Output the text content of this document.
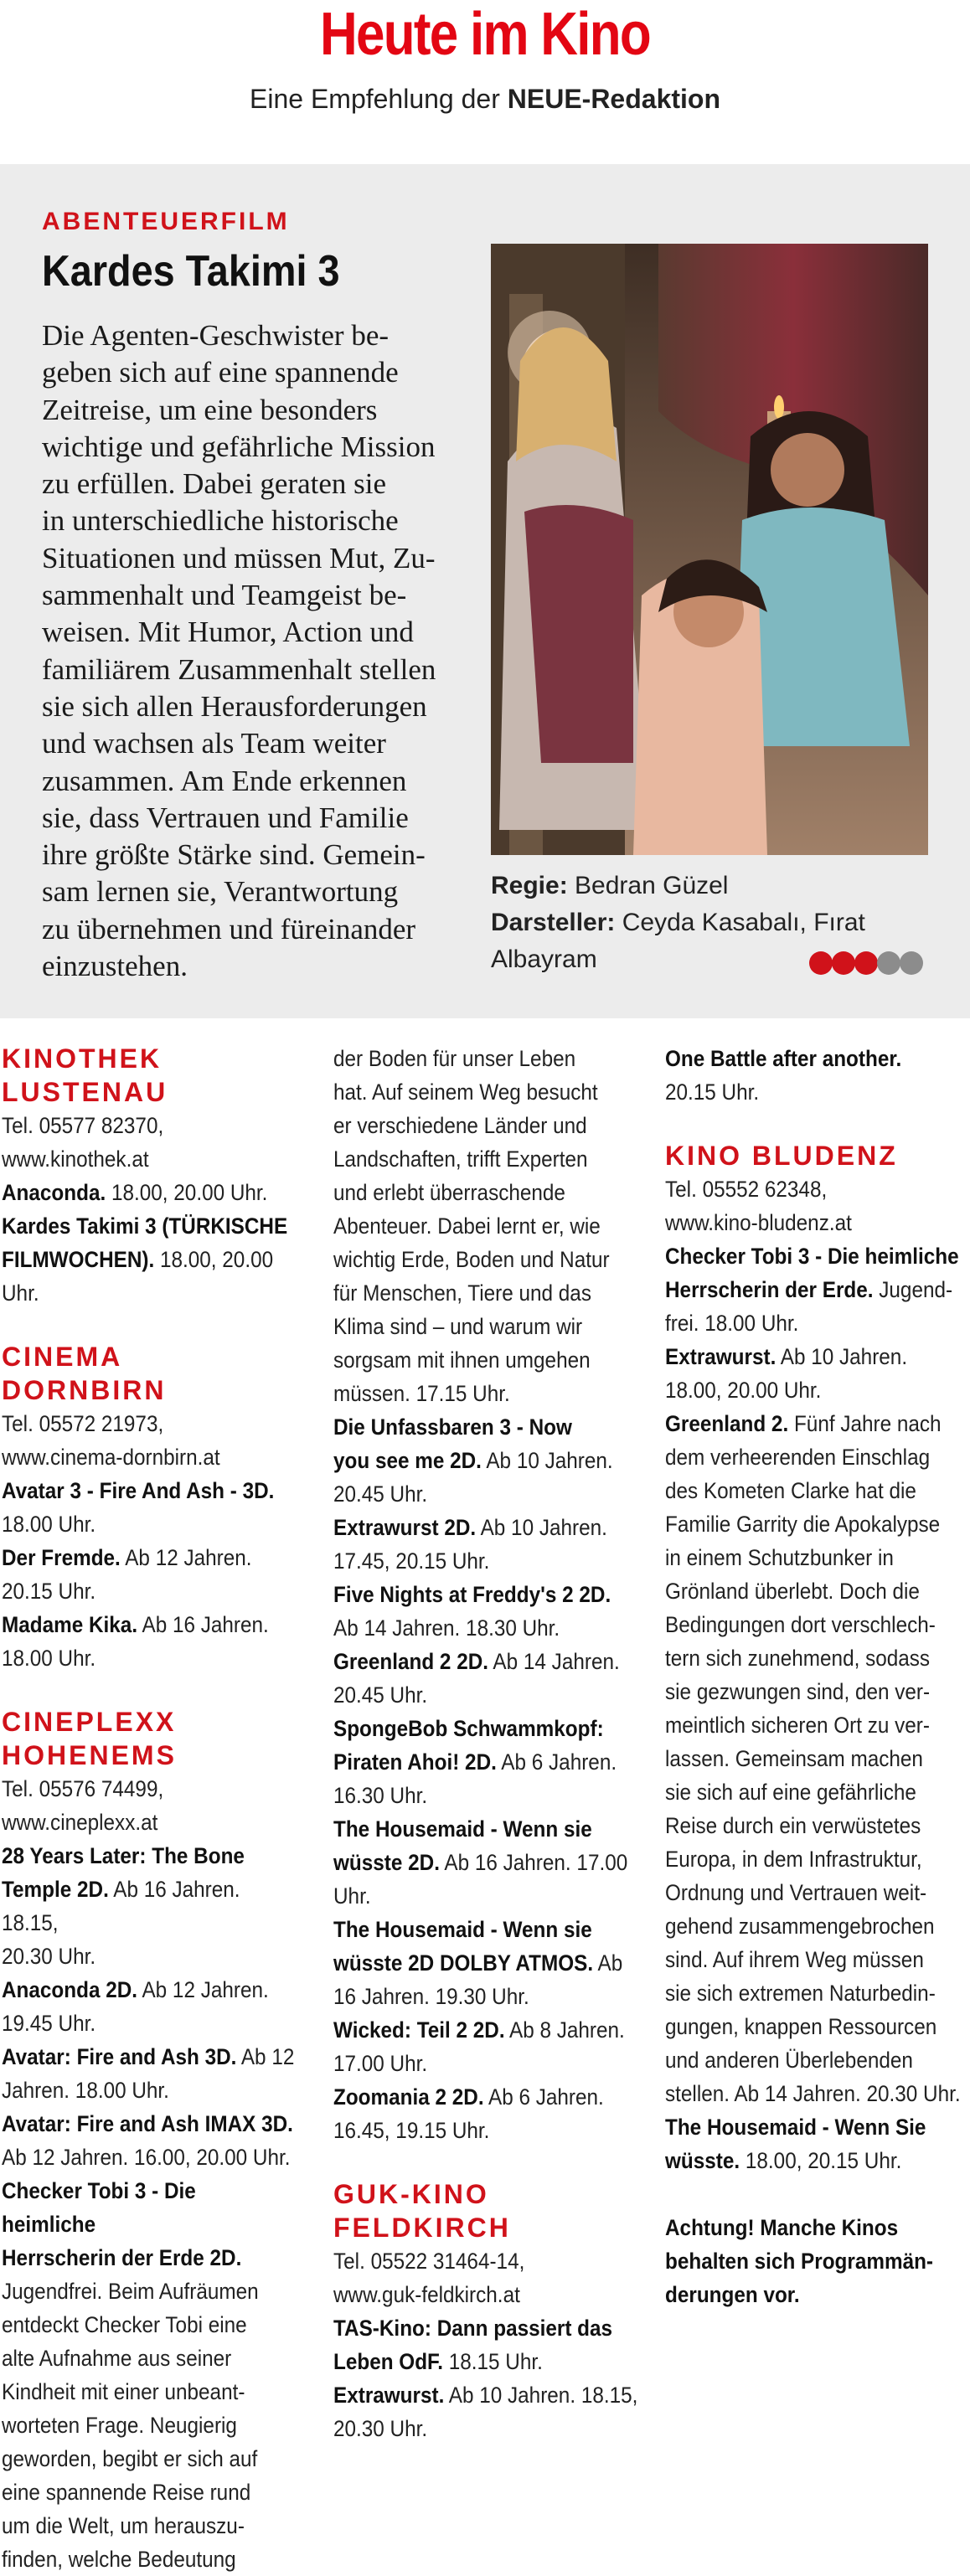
Heute im Kino
Eine Empfehlung der NEUE-Redaktion
ABENTEUERFILM
Kardes Takimi 3
Die Agenten-Geschwister be-
geben sich auf eine spannende
Zeitreise, um eine besonders
wichtige und gefährliche Mission
zu erfüllen. Dabei geraten sie
in unterschiedliche historische
Situationen und müssen Mut, Zu-
sammenhalt und Teamgeist be-
weisen. Mit Humor, Action und
familiärem Zusammenhalt stellen
sie sich allen Herausforderungen
und wachsen als Team weiter
zusammen. Am Ende erkennen
sie, dass Vertrauen und Familie
ihre größte Stärke sind. Gemein-
sam lernen sie, Verantwortung
zu übernehmen und füreinander
einzustehen.
Regie: Bedran Güzel
Darsteller: Ceyda Kasabalı, Fırat Albayram
KINOTHEK
LUSTENAU
Tel. 05577 82370,
www.kinothek.at
Anaconda. 18.00, 20.00 Uhr.
Kardes Takimi 3 (TÜRKISCHE
FILMWOCHEN). 18.00, 20.00 Uhr.
CINEMA DORNBIRN
Tel. 05572 21973,
www.cinema-dornbirn.at
Avatar 3 - Fire And Ash - 3D.
18.00 Uhr.
Der Fremde. Ab 12 Jahren.
20.15 Uhr.
Madame Kika. Ab 16 Jahren.
18.00 Uhr.
CINEPLEXX
HOHENEMS
Tel. 05576 74499,
www.cineplexx.at
28 Years Later: The Bone
Temple 2D. Ab 16 Jahren. 18.15,
20.30 Uhr.
Anaconda 2D. Ab 12 Jahren.
19.45 Uhr.
Avatar: Fire and Ash 3D. Ab 12
Jahren. 18.00 Uhr.
Avatar: Fire and Ash IMAX 3D.
Ab 12 Jahren. 16.00, 20.00 Uhr.
Checker Tobi 3 - Die heimliche
Herrscherin der Erde 2D.
Jugendfrei. Beim Aufräumen
entdeckt Checker Tobi eine
alte Aufnahme aus seiner
Kindheit mit einer unbeant-
worteten Frage. Neugierig
geworden, begibt er sich auf
eine spannende Reise rund
um die Welt, um herauszu-
finden, welche Bedeutung
der Boden für unser Leben
hat. Auf seinem Weg besucht
er verschiedene Länder und
Landschaften, trifft Experten
und erlebt überraschende
Abenteuer. Dabei lernt er, wie
wichtig Erde, Boden und Natur
für Menschen, Tiere und das
Klima sind – und warum wir
sorgsam mit ihnen umgehen
müssen. 17.15 Uhr.
Die Unfassbaren 3 - Now
you see me 2D. Ab 10 Jahren.
20.45 Uhr.
Extrawurst 2D. Ab 10 Jahren.
17.45, 20.15 Uhr.
Five Nights at Freddy's 2 2D.
Ab 14 Jahren. 18.30 Uhr.
Greenland 2 2D. Ab 14 Jahren.
20.45 Uhr.
SpongeBob Schwammkopf:
Piraten Ahoi! 2D. Ab 6 Jahren.
16.30 Uhr.
The Housemaid - Wenn sie
wüsste 2D. Ab 16 Jahren. 17.00
Uhr.
The Housemaid - Wenn sie
wüsste 2D DOLBY ATMOS. Ab
16 Jahren. 19.30 Uhr.
Wicked: Teil 2 2D. Ab 8 Jahren.
17.00 Uhr.
Zoomania 2 2D. Ab 6 Jahren.
16.45, 19.15 Uhr.
GUK-KINO
FELDKIRCH
Tel. 05522 31464-14,
www.guk-feldkirch.at
TAS-Kino: Dann passiert das
Leben OdF. 18.15 Uhr.
Extrawurst. Ab 10 Jahren. 18.15,
20.30 Uhr.
One Battle after another.
20.15 Uhr.
KINO BLUDENZ
Tel. 05552 62348,
www.kino-bludenz.at
Checker Tobi 3 - Die heimliche
Herrscherin der Erde. Jugend-
frei. 18.00 Uhr.
Extrawurst. Ab 10 Jahren.
18.00, 20.00 Uhr.
Greenland 2. Fünf Jahre nach
dem verheerenden Einschlag
des Kometen Clarke hat die
Familie Garrity die Apokalypse
in einem Schutzbunker in
Grönland überlebt. Doch die
Bedingungen dort verschlech-
tern sich zunehmend, sodass
sie gezwungen sind, den ver-
meintlich sicheren Ort zu ver-
lassen. Gemeinsam machen
sie sich auf eine gefährliche
Reise durch ein verwüstetes
Europa, in dem Infrastruktur,
Ordnung und Vertrauen weit-
gehend zusammengebrochen
sind. Auf ihrem Weg müssen
sie sich extremen Naturbedin-
gungen, knappen Ressourcen
und anderen Überlebenden
stellen. Ab 14 Jahren. 20.30 Uhr.
The Housemaid - Wenn Sie
wüsste. 18.00, 20.15 Uhr.
Achtung! Manche Kinos
behalten sich Programmän-
derungen vor.
